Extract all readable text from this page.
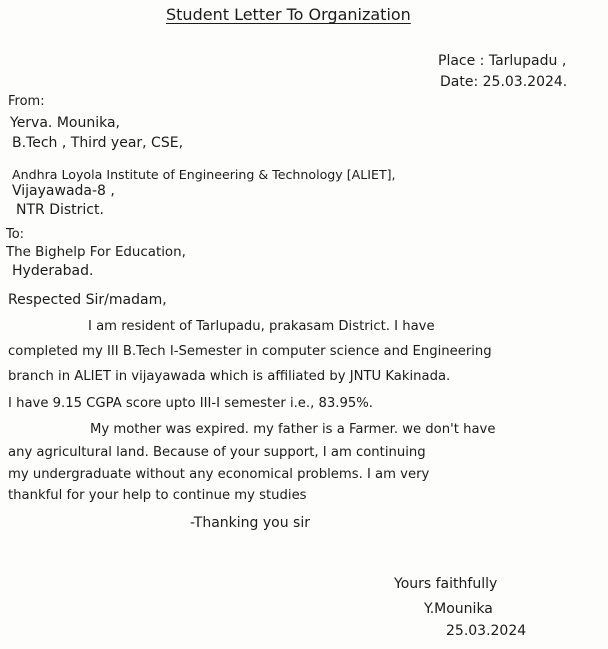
Student Letter To Organization
Place : Tarlupadu ,
Date: 25.03.2024.
From:
Yerva. Mounika,
B.Tech , Third year, CSE,
Andhra Loyola Institute of Engineering & Technology [ALIET],
Vijayawada-8 ,
NTR District.
To:
The Bighelp For Education,
Hyderabad.
Respected Sir/madam,
I am resident of Tarlupadu, prakasam District. I have
completed my III B.Tech I-Semester in computer science and Engineering
branch in ALIET in vijayawada which is affiliated by JNTU Kakinada.
I have 9.15 CGPA score upto III-I semester i.e., 83.95%.
My mother was expired. my father is a Farmer. we don't have
any agricultural land. Because of your support, I am continuing
my undergraduate without any economical problems. I am very
thankful for your help to continue my studies
-Thanking you sir
Yours faithfully
Y.Mounika
25.03.2024
